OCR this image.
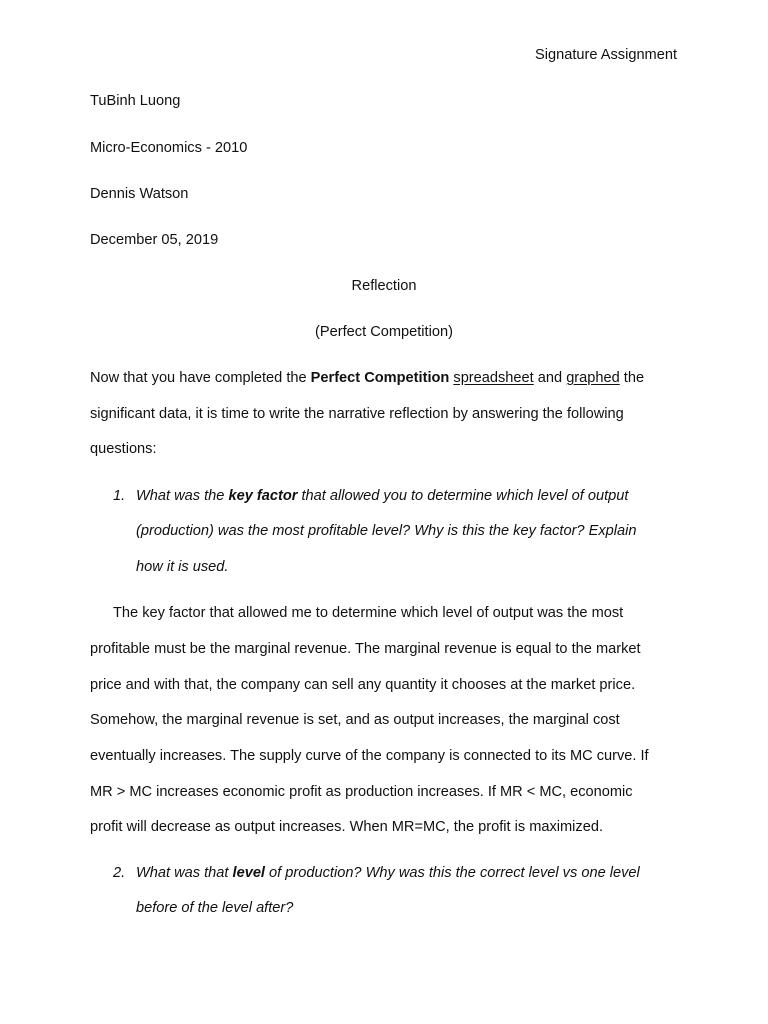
Signature Assignment
TuBinh Luong
Micro-Economics - 2010
Dennis Watson
December 05, 2019
Reflection
(Perfect Competition)
Now that you have completed the Perfect Competition spreadsheet and graphed the
significant data, it is time to write the narrative reflection by answering the following
questions:
1. What was the key factor that allowed you to determine which level of output
(production) was the most profitable level? Why is this the key factor? Explain
how it is used.
The key factor that allowed me to determine which level of output was the most
profitable must be the marginal revenue. The marginal revenue is equal to the market
price and with that, the company can sell any quantity it chooses at the market price.
Somehow, the marginal revenue is set, and as output increases, the marginal cost
eventually increases. The supply curve of the company is connected to its MC curve. If
MR > MC increases economic profit as production increases. If MR < MC, economic
profit will decrease as output increases. When MR=MC, the profit is maximized.
2. What was that level of production? Why was this the correct level vs one level
before of the level after?
